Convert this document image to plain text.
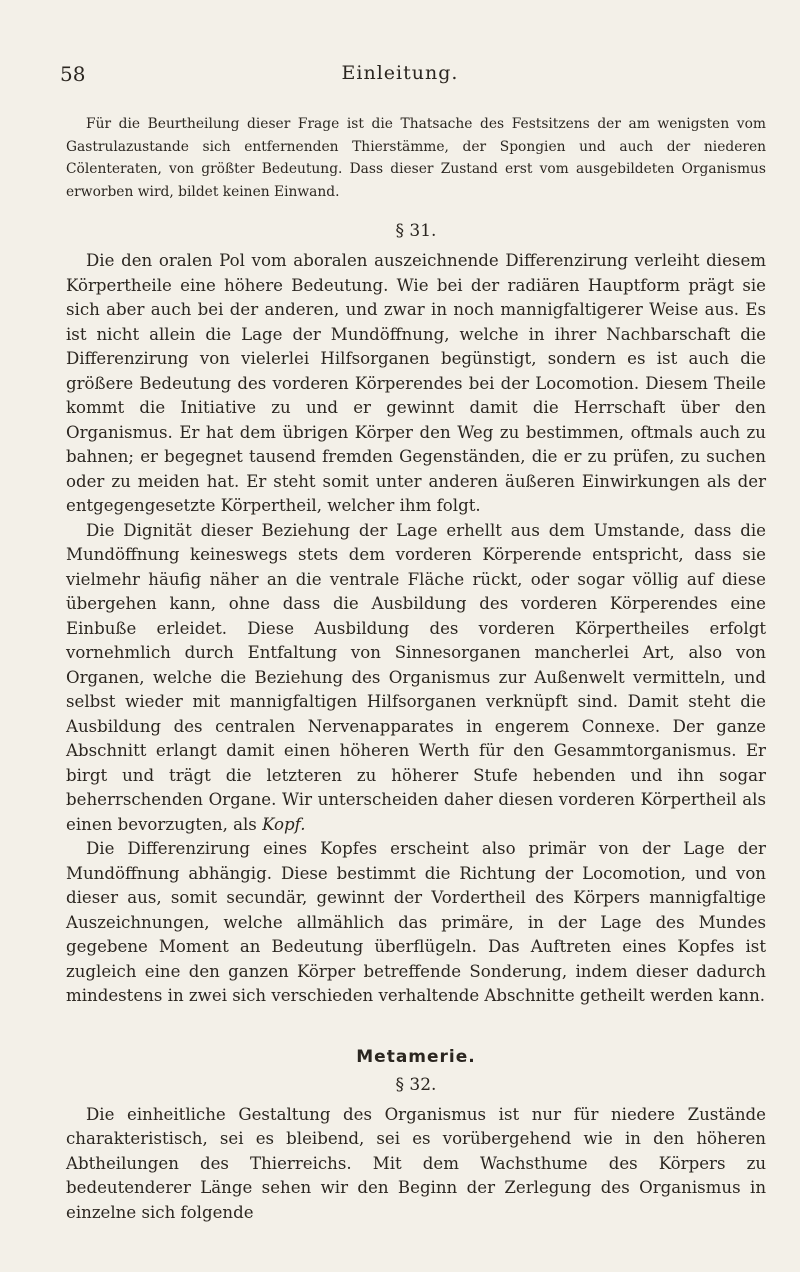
58	Einleitung.

Für die Beurtheilung dieser Frage ist die Thatsache des Festsitzens der am wenigsten vom Gastrulazustande sich entfernenden Thierstämme, der Spongien und auch der niederen Cölenteraten, von größter Bedeutung. Dass dieser Zustand erst vom ausgebildeten Organismus erworben wird, bildet keinen Einwand.

§ 31.

Die den oralen Pol vom aboralen auszeichnende Differenzirung verleiht diesem Körpertheile eine höhere Bedeutung. Wie bei der radiären Hauptform prägt sie sich aber auch bei der anderen, und zwar in noch mannigfaltigerer Weise aus. Es ist nicht allein die Lage der Mundöffnung, welche in ihrer Nachbarschaft die Differenzirung von vielerlei Hilfsorganen begünstigt, sondern es ist auch die größere Bedeutung des vorderen Körperendes bei der Locomotion. Diesem Theile kommt die Initiative zu und er gewinnt damit die Herrschaft über den Organismus. Er hat dem übrigen Körper den Weg zu bestimmen, oftmals auch zu bahnen; er begegnet tausend fremden Gegenständen, die er zu prüfen, zu suchen oder zu meiden hat. Er steht somit unter anderen äußeren Einwirkungen als der entgegengesetzte Körpertheil, welcher ihm folgt.

Die Dignität dieser Beziehung der Lage erhellt aus dem Umstande, dass die Mundöffnung keineswegs stets dem vorderen Körperende entspricht, dass sie vielmehr häufig näher an die ventrale Fläche rückt, oder sogar völlig auf diese übergehen kann, ohne dass die Ausbildung des vorderen Körperendes eine Einbuße erleidet. Diese Ausbildung des vorderen Körpertheiles erfolgt vornehmlich durch Entfaltung von Sinnesorganen mancherlei Art, also von Organen, welche die Beziehung des Organismus zur Außenwelt vermitteln, und selbst wieder mit mannigfaltigen Hilfsorganen verknüpft sind. Damit steht die Ausbildung des centralen Nervenapparates in engerem Connexe. Der ganze Abschnitt erlangt damit einen höheren Werth für den Gesammtorganismus. Er birgt und trägt die letzteren zu höherer Stufe hebenden und ihn sogar beherrschenden Organe. Wir unterscheiden daher diesen vorderen Körpertheil als einen bevorzugten, als Kopf.

Die Differenzirung eines Kopfes erscheint also primär von der Lage der Mundöffnung abhängig. Diese bestimmt die Richtung der Locomotion, und von dieser aus, somit secundär, gewinnt der Vordertheil des Körpers mannigfaltige Auszeichnungen, welche allmählich das primäre, in der Lage des Mundes gegebene Moment an Bedeutung überflügeln. Das Auftreten eines Kopfes ist zugleich eine den ganzen Körper betreffende Sonderung, indem dieser dadurch mindestens in zwei sich verschieden verhaltende Abschnitte getheilt werden kann.

Metamerie.
§ 32.

Die einheitliche Gestaltung des Organismus ist nur für niedere Zustände charakteristisch, sei es bleibend, sei es vorübergehend wie in den höheren Abtheilungen des Thierreichs. Mit dem Wachsthume des Körpers zu bedeutenderer Länge sehen wir den Beginn der Zerlegung des Organismus in einzelne sich folgende
